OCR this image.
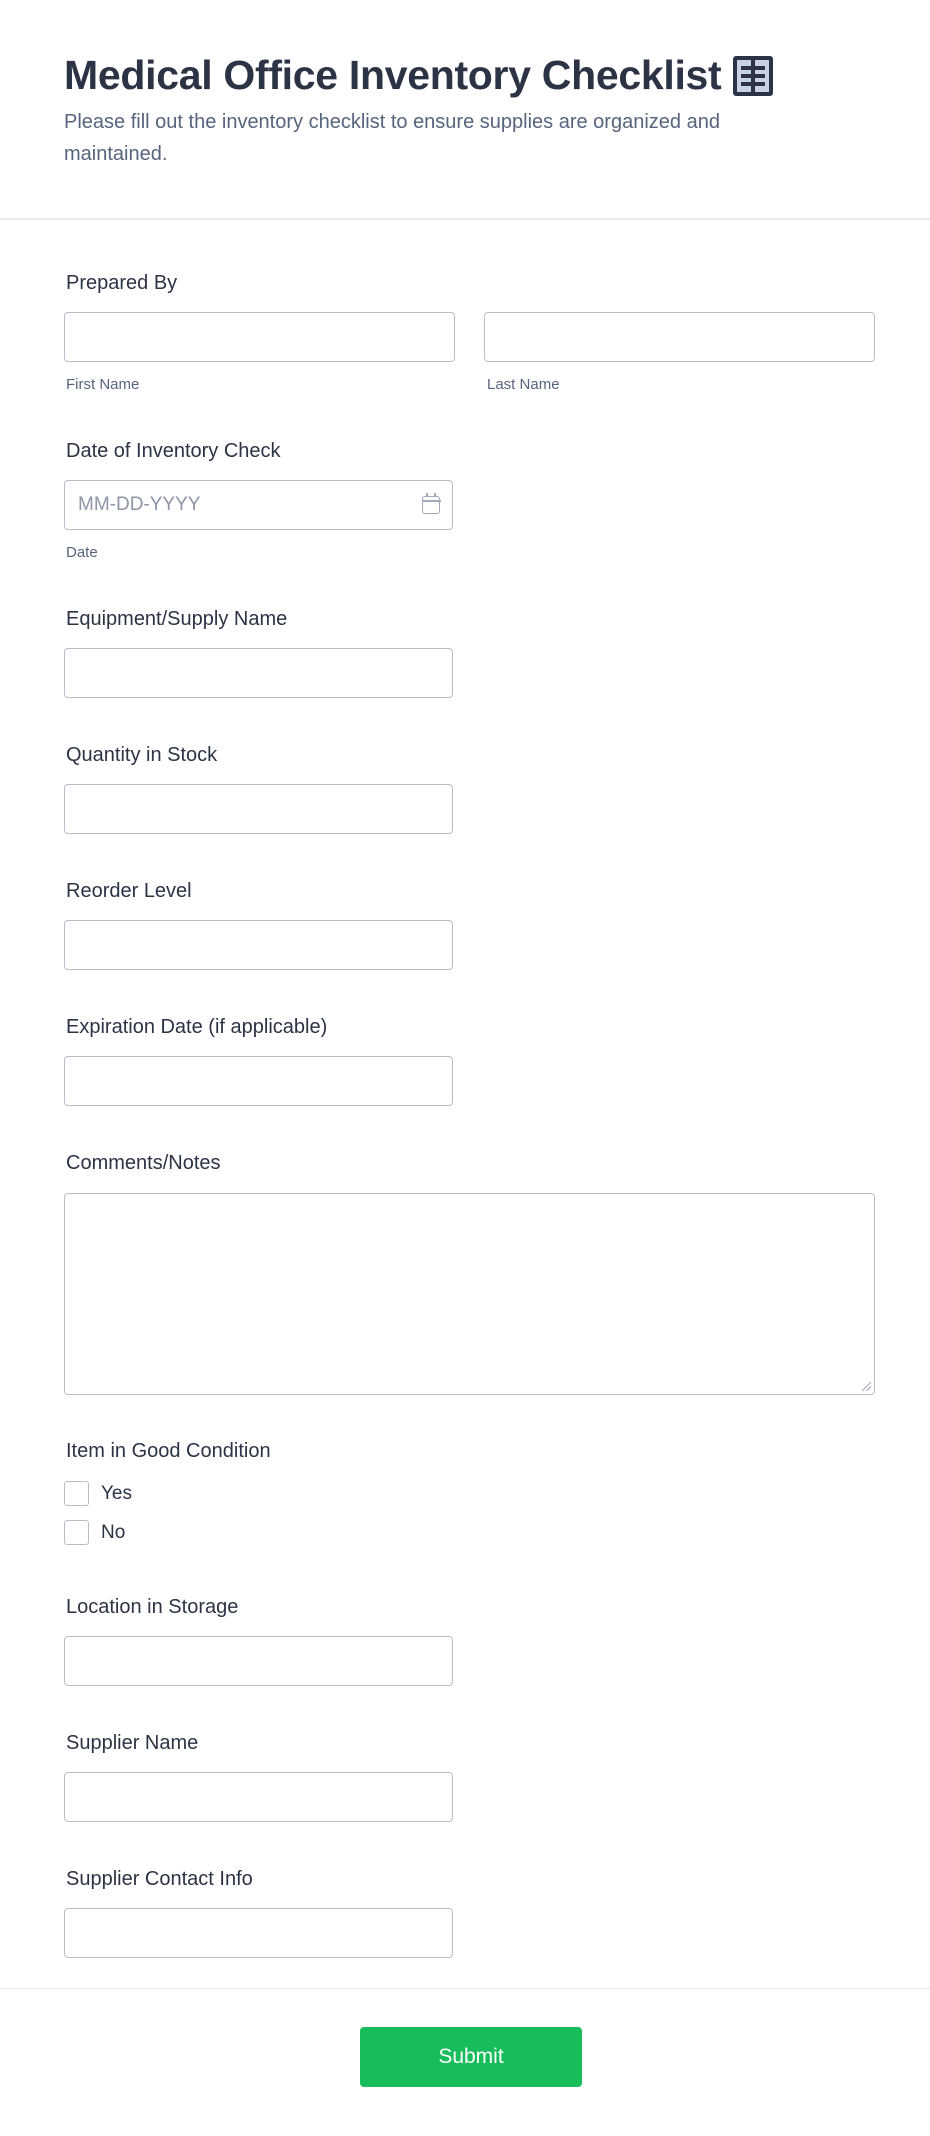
Medical Office Inventory Checklist
Please fill out the inventory checklist to ensure supplies are organized and maintained.
Prepared By
First Name	Last Name
Date of Inventory Check
MM-DD-YYYY
Date
Equipment/Supply Name
Quantity in Stock
Reorder Level
Expiration Date (if applicable)
Comments/Notes
Item in Good Condition
Yes
No
Location in Storage
Supplier Name
Supplier Contact Info
Submit
